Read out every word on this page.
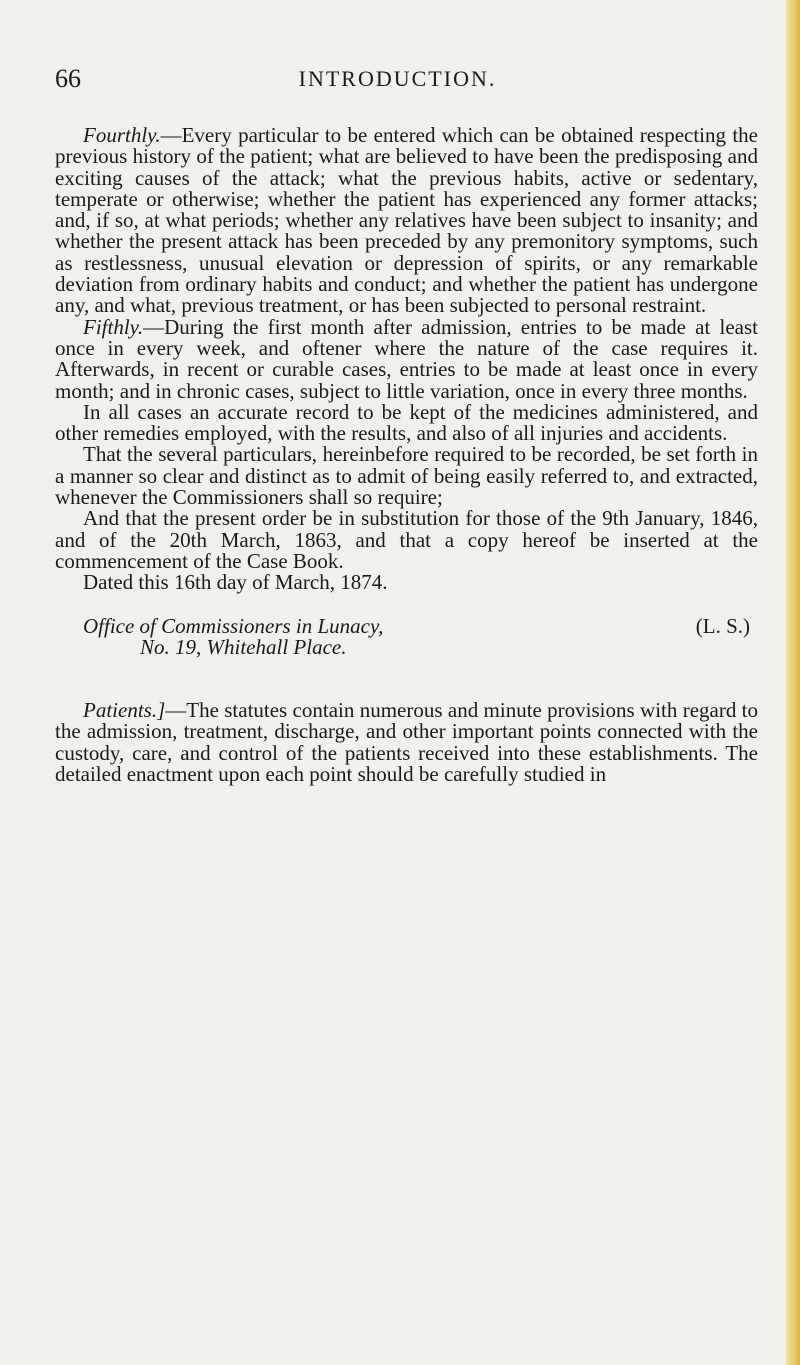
66	INTRODUCTION.

Fourthly.—Every particular to be entered which can be obtained respecting the previous history of the patient; what are believed to have been the predisposing and exciting causes of the attack; what the previous habits, active or sedentary, temperate or otherwise; whether the patient has experienced any former attacks; and, if so, at what periods; whether any relatives have been subject to insanity; and whether the present attack has been preceded by any premonitory symptoms, such as restlessness, unusual elevation or depression of spirits, or any remarkable deviation from ordinary habits and conduct; and whether the patient has undergone any, and what, previous treatment, or has been subjected to personal restraint.

Fifthly.—During the first month after admission, entries to be made at least once in every week, and oftener where the nature of the case requires it. Afterwards, in recent or curable cases, entries to be made at least once in every month; and in chronic cases, subject to little variation, once in every three months.

In all cases an accurate record to be kept of the medicines administered, and other remedies employed, with the results, and also of all injuries and accidents.

That the several particulars, hereinbefore required to be recorded, be set forth in a manner so clear and distinct as to admit of being easily referred to, and extracted, whenever the Commissioners shall so require;

And that the present order be in substitution for those of the 9th January, 1846, and of the 20th March, 1863, and that a copy hereof be inserted at the commencement of the Case Book.

Dated this 16th day of March, 1874.

Office of Commissioners in Lunacy,
No. 19, Whitehall Place.
(L. S.)

Patients.]—The statutes contain numerous and minute provisions with regard to the admission, treatment, discharge, and other important points connected with the custody, care, and control of the patients received into these establishments. The detailed enactment upon each point should be carefully studied in
